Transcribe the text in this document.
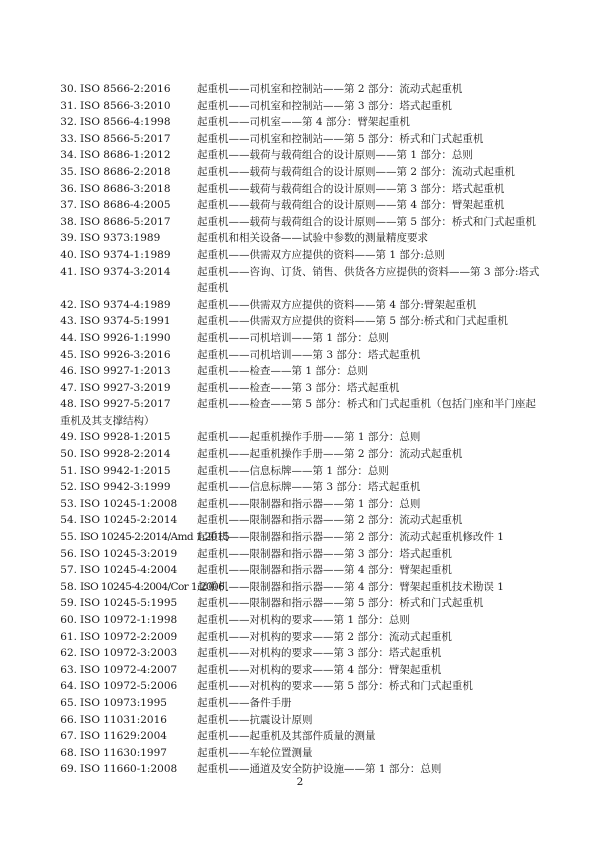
30. ISO 8566-2:2016	起重机——司机室和控制站——第 2 部分：流动式起重机
31. ISO 8566-3:2010	起重机——司机室和控制站——第 3 部分：塔式起重机
32. ISO 8566-4:1998	起重机——司机室——第 4 部分：臂架起重机
33. ISO 8566-5:2017	起重机——司机室和控制站——第 5 部分：桥式和门式起重机
34. ISO 8686-1:2012	起重机——载荷与载荷组合的设计原则——第 1 部分：总则
35. ISO 8686-2:2018	起重机——载荷与载荷组合的设计原则——第 2 部分：流动式起重机
36. ISO 8686-3:2018	起重机——载荷与载荷组合的设计原则——第 3 部分：塔式起重机
37. ISO 8686-4:2005	起重机——载荷与载荷组合的设计原则——第 4 部分：臂架起重机
38. ISO 8686-5:2017	起重机——载荷与载荷组合的设计原则——第 5 部分：桥式和门式起重机
39. ISO 9373:1989	起重机和相关设备——试验中参数的测量精度要求
40. ISO 9374-1:1989	起重机——供需双方应提供的资料——第 1 部分:总则
41. ISO 9374-3:2014	起重机——咨询、订货、销售、供货各方应提供的资料——第 3 部分:塔式起重机
42. ISO 9374-4:1989	起重机——供需双方应提供的资料——第 4 部分:臂架起重机
43. ISO 9374-5:1991	起重机——供需双方应提供的资料——第 5 部分:桥式和门式起重机
44. ISO 9926-1:1990	起重机——司机培训——第 1 部分：总则
45. ISO 9926-3:2016	起重机——司机培训——第 3 部分：塔式起重机
46. ISO 9927-1:2013	起重机——检查——第 1 部分：总则
47. ISO 9927-3:2019	起重机——检查——第 3 部分：塔式起重机
48. ISO 9927-5:2017	起重机——检查——第 5 部分：桥式和门式起重机（包括门座和半门座起重机及其支撑结构）
49. ISO 9928-1:2015	起重机——起重机操作手册——第 1 部分：总则
50. ISO 9928-2:2014	起重机——起重机操作手册——第 2 部分：流动式起重机
51. ISO 9942-1:2015	起重机——信息标牌——第 1 部分：总则
52. ISO 9942-3:1999	起重机——信息标牌——第 3 部分：塔式起重机
53. ISO 10245-1:2008 起重机——限制器和指示器——第 1 部分：总则
54. ISO 10245-2:2014 起重机——限制器和指示器——第 2 部分：流动式起重机
55. ISO 10245-2:2014/Amd 1:2015
起重机——限制器和指示器——第 2 部分：流动式起重机修改件 1
56. ISO 10245-3:2019 起重机——限制器和指示器——第 3 部分：塔式起重机
57. ISO 10245-4:2004 起重机——限制器和指示器——第 4 部分：臂架起重机
58. ISO 10245-4:2004/Cor 1:2006
起重机——限制器和指示器——第 4 部分：臂架起重机技术勘误 1
59. ISO 10245-5:1995 起重机——限制器和指示器——第 5 部分：桥式和门式起重机
60. ISO 10972-1:1998 起重机——对机构的要求——第 1 部分：总则
61. ISO 10972-2:2009 起重机——对机构的要求——第 2 部分：流动式起重机
62. ISO 10972-3:2003 起重机——对机构的要求——第 3 部分：塔式起重机
63. ISO 10972-4:2007 起重机——对机构的要求——第 4 部分：臂架起重机
64. ISO 10972-5:2006 起重机——对机构的要求——第 5 部分：桥式和门式起重机
65. ISO 10973:1995	起重机——备件手册
66. ISO 11031:2016	起重机——抗震设计原则
67. ISO 11629:2004	起重机——起重机及其部件质量的测量
68. ISO 11630:1997	起重机——车轮位置测量
69. ISO 11660-1:2008 起重机——通道及安全防护设施——第 1 部分：总则
2
